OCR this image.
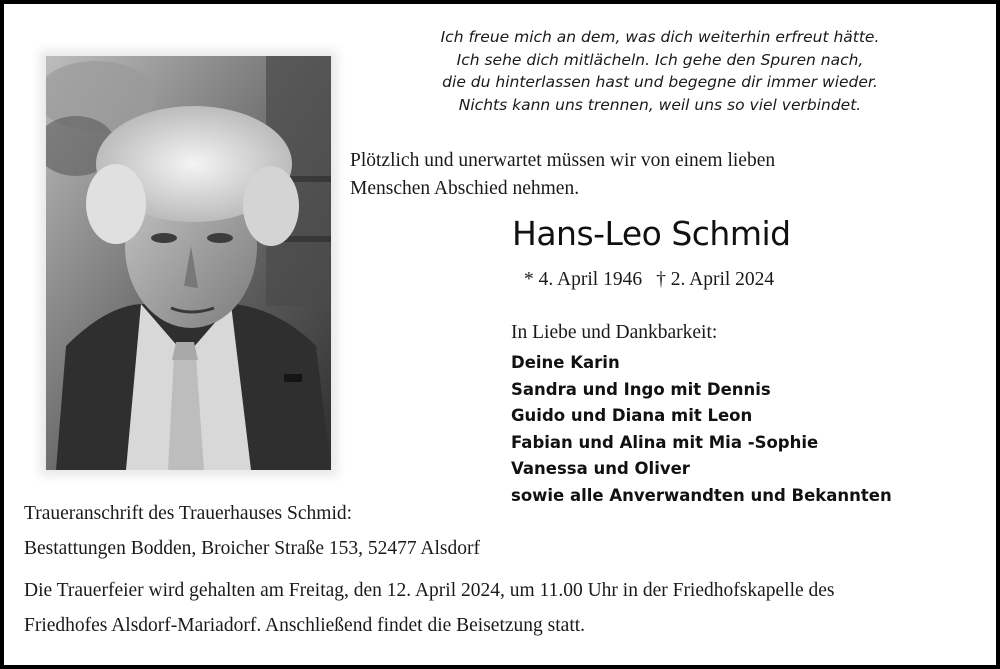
Ich freue mich an dem, was dich weiterhin erfreut hätte.
Ich sehe dich mitlächeln. Ich gehe den Spuren nach,
die du hinterlassen hast und begegne dir immer wieder.
Nichts kann uns trennen, weil uns so viel verbindet.
Plötzlich und unerwartet müssen wir von einem lieben
Menschen Abschied nehmen.
Hans-Leo Schmid
* 4. April 1946 † 2. April 2024
In Liebe und Dankbarkeit:
Deine Karin
Sandra und Ingo mit Dennis
Guido und Diana mit Leon
Fabian und Alina mit Mia -Sophie
Vanessa und Oliver
sowie alle Anverwandten und Bekannten
Traueranschrift des Trauerhauses Schmid:
Bestattungen Bodden, Broicher Straße 153, 52477 Alsdorf
Die Trauerfeier wird gehalten am Freitag, den 12. April 2024, um 11.00 Uhr in der Friedhofskapelle des
Friedhofes Alsdorf-Mariadorf. Anschließend findet die Beisetzung statt.
